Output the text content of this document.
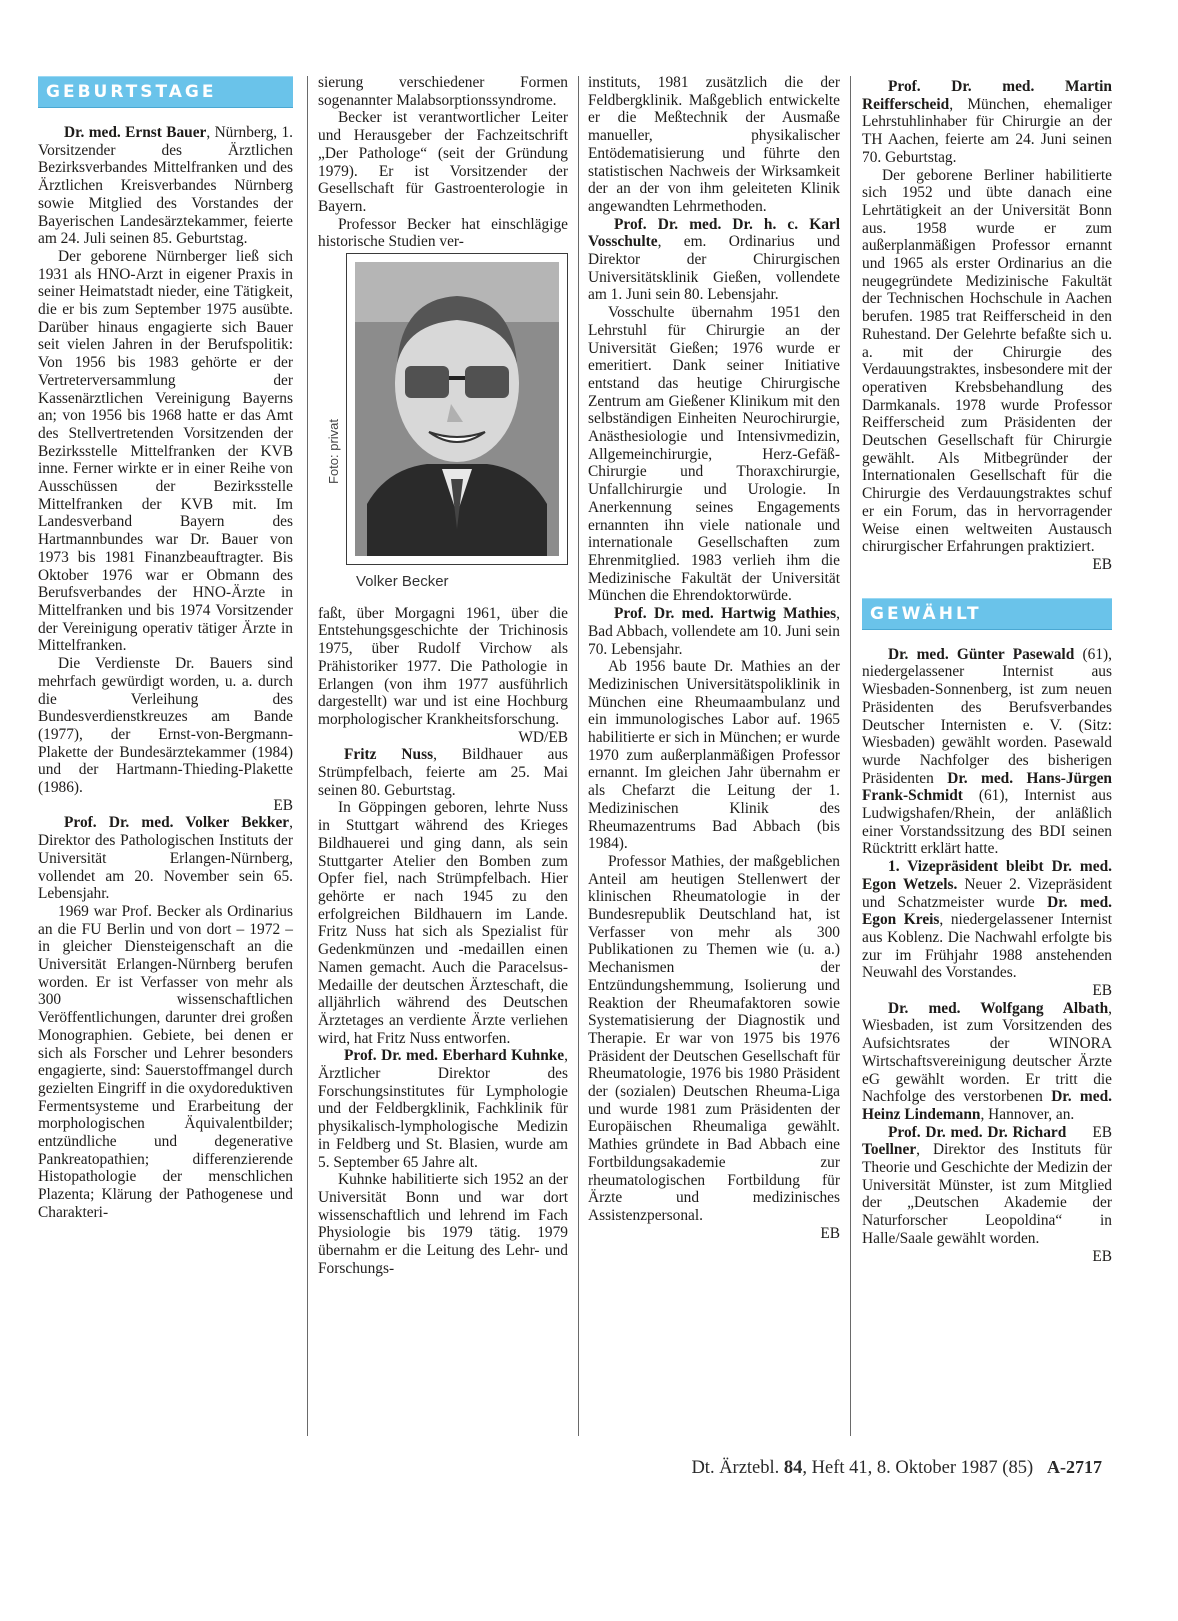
GEBURTSTAGE

Dr. med. Ernst Bauer, Nürnberg, 1. Vorsitzender des Ärztlichen Bezirksverbandes Mittelfranken und des Ärztlichen Kreisverbandes Nürnberg sowie Mitglied des Vorstandes der Bayerischen Landesärztekammer, feierte am 24. Juli seinen 85. Geburtstag.

Der geborene Nürnberger ließ sich 1931 als HNO-Arzt in eigener Praxis in seiner Heimatstadt nieder, eine Tätigkeit, die er bis zum September 1975 ausübte. Darüber hinaus engagierte sich Bauer seit vielen Jahren in der Berufspolitik: Von 1956 bis 1983 gehörte er der Vertreterversammlung der Kassenärztlichen Vereinigung Bayerns an; von 1956 bis 1968 hatte er das Amt des Stellvertretenden Vorsitzenden der Bezirksstelle Mittelfranken der KVB inne. Ferner wirkte er in einer Reihe von Ausschüssen der Bezirksstelle Mittelfranken der KVB mit. Im Landesverband Bayern des Hartmannbundes war Dr. Bauer von 1973 bis 1981 Finanzbeauftragter. Bis Oktober 1976 war er Obmann des Berufsverbandes der HNO-Ärzte in Mittelfranken und bis 1974 Vorsitzender der Vereinigung operativ tätiger Ärzte in Mittelfranken.

Die Verdienste Dr. Bauers sind mehrfach gewürdigt worden, u. a. durch die Verleihung des Bundesverdienstkreuzes am Bande (1977), der Ernst-von-Bergmann-Plakette der Bundesärztekammer (1984) und der Hartmann-Thieding-Plakette (1986).
EB

Prof. Dr. med. Volker Bekker, Direktor des Pathologischen Instituts der Universität Erlangen-Nürnberg, vollendet am 20. November sein 65. Lebensjahr.

1969 war Prof. Becker als Ordinarius an die FU Berlin und von dort – 1972 – in gleicher Diensteigenschaft an die Universität Erlangen-Nürnberg berufen worden. Er ist Verfasser von mehr als 300 wissenschaftlichen Veröffentlichungen, darunter drei großen Monographien. Gebiete, bei denen er sich als Forscher und Lehrer besonders engagierte, sind: Sauerstoffmangel durch gezielten Eingriff in die oxydoreduktiven Fermentsysteme und Erarbeitung der morphologischen Äquivalentbilder; entzündliche und degenerative Pankreatopathien; differenzierende Histopathologie der menschlichen Plazenta; Klärung der Pathogenese und Charakteri-

sierung verschiedener Formen sogenannter Malabsorptionssyndrome.

Becker ist verantwortlicher Leiter und Herausgeber der Fachzeitschrift „Der Pathologe“ (seit der Gründung 1979). Er ist Vorsitzender der Gesellschaft für Gastroenterologie in Bayern.

Professor Becker hat einschlägige historische Studien ver-

Foto: privat
Volker Becker

faßt, über Morgagni 1961, über die Entstehungsgeschichte der Trichinosis 1975, über Rudolf Virchow als Prähistoriker 1977. Die Pathologie in Erlangen (von ihm 1977 ausführlich dargestellt) war und ist eine Hochburg morphologischer Krankheitsforschung.
WD/EB

Fritz Nuss, Bildhauer aus Strümpfelbach, feierte am 25. Mai seinen 80. Geburtstag.

In Göppingen geboren, lehrte Nuss in Stuttgart während des Krieges Bildhauerei und ging dann, als sein Stuttgarter Atelier den Bomben zum Opfer fiel, nach Strümpfelbach. Hier gehörte er nach 1945 zu den erfolgreichen Bildhauern im Lande. Fritz Nuss hat sich als Spezialist für Gedenkmünzen und -medaillen einen Namen gemacht. Auch die Paracelsus-Medaille der deutschen Ärzteschaft, die alljährlich während des Deutschen Ärztetages an verdiente Ärzte verliehen wird, hat Fritz Nuss entworfen.

Prof. Dr. med. Eberhard Kuhnke, Ärztlicher Direktor des Forschungsinstitutes für Lymphologie und der Feldbergklinik, Fachklinik für physikalisch-lymphologische Medizin in Feldberg und St. Blasien, wurde am 5. September 65 Jahre alt.

Kuhnke habilitierte sich 1952 an der Universität Bonn und war dort wissenschaftlich und lehrend im Fach Physiologie bis 1979 tätig. 1979 übernahm er die Leitung des Lehr- und Forschungs-

instituts, 1981 zusätzlich die der Feldbergklinik. Maßgeblich entwickelte er die Meßtechnik der Ausmaße manueller, physikalischer Entödematisierung und führte den statistischen Nachweis der Wirksamkeit der an der von ihm geleiteten Klinik angewandten Lehrmethoden.

Prof. Dr. med. Dr. h. c. Karl Vosschulte, em. Ordinarius und Direktor der Chirurgischen Universitätsklinik Gießen, vollendete am 1. Juni sein 80. Lebensjahr.

Vosschulte übernahm 1951 den Lehrstuhl für Chirurgie an der Universität Gießen; 1976 wurde er emeritiert. Dank seiner Initiative entstand das heutige Chirurgische Zentrum am Gießener Klinikum mit den selbständigen Einheiten Neurochirurgie, Anästhesiologie und Intensivmedizin, Allgemeinchirurgie, Herz-Gefäß-Chirurgie und Thoraxchirurgie, Unfallchirurgie und Urologie. In Anerkennung seines Engagements ernannten ihn viele nationale und internationale Gesellschaften zum Ehrenmitglied. 1983 verlieh ihm die Medizinische Fakultät der Universität München die Ehrendoktorwürde.

Prof. Dr. med. Hartwig Mathies, Bad Abbach, vollendete am 10. Juni sein 70. Lebensjahr.

Ab 1956 baute Dr. Mathies an der Medizinischen Universitätspoliklinik in München eine Rheumaambulanz und ein immunologisches Labor auf. 1965 habilitierte er sich in München; er wurde 1970 zum außerplanmäßigen Professor ernannt. Im gleichen Jahr übernahm er als Chefarzt die Leitung der 1. Medizinischen Klinik des Rheumazentrums Bad Abbach (bis 1984).

Professor Mathies, der maßgeblichen Anteil am heutigen Stellenwert der klinischen Rheumatologie in der Bundesrepublik Deutschland hat, ist Verfasser von mehr als 300 Publikationen zu Themen wie (u. a.) Mechanismen der Entzündungshemmung, Isolierung und Reaktion der Rheumafaktoren sowie Systematisierung der Diagnostik und Therapie. Er war von 1975 bis 1976 Präsident der Deutschen Gesellschaft für Rheumatologie, 1976 bis 1980 Präsident der (sozialen) Deutschen Rheuma-Liga und wurde 1981 zum Präsidenten der Europäischen Rheumaliga gewählt. Mathies gründete in Bad Abbach eine Fortbildungsakademie zur rheumatologischen Fortbildung für Ärzte und medizinisches Assistenzpersonal.
EB

Prof. Dr. med. Martin Reifferscheid, München, ehemaliger Lehrstuhlinhaber für Chirurgie an der TH Aachen, feierte am 24. Juni seinen 70. Geburtstag.

Der geborene Berliner habilitierte sich 1952 und übte danach eine Lehrtätigkeit an der Universität Bonn aus. 1958 wurde er zum außerplanmäßigen Professor ernannt und 1965 als erster Ordinarius an die neugegründete Medizinische Fakultät der Technischen Hochschule in Aachen berufen. 1985 trat Reifferscheid in den Ruhestand. Der Gelehrte befaßte sich u. a. mit der Chirurgie des Verdauungstraktes, insbesondere mit der operativen Krebsbehandlung des Darmkanals. 1978 wurde Professor Reifferscheid zum Präsidenten der Deutschen Gesellschaft für Chirurgie gewählt. Als Mitbegründer der Internationalen Gesellschaft für die Chirurgie des Verdauungstraktes schuf er ein Forum, das in hervorragender Weise einen weltweiten Austausch chirurgischer Erfahrungen praktiziert.
EB

GEWÄHLT

Dr. med. Günter Pasewald (61), niedergelassener Internist aus Wiesbaden-Sonnenberg, ist zum neuen Präsidenten des Berufsverbandes Deutscher Internisten e. V. (Sitz: Wiesbaden) gewählt worden. Pasewald wurde Nachfolger des bisherigen Präsidenten Dr. med. Hans-Jürgen Frank-Schmidt (61), Internist aus Ludwigshafen/Rhein, der anläßlich einer Vorstandssitzung des BDI seinen Rücktritt erklärt hatte.

1. Vizepräsident bleibt Dr. med. Egon Wetzels. Neuer 2. Vizepräsident und Schatzmeister wurde Dr. med. Egon Kreis, niedergelassener Internist aus Koblenz. Die Nachwahl erfolgte bis zur im Frühjahr 1988 anstehenden Neuwahl des Vorstandes.
EB

Dr. med. Wolfgang Albath, Wiesbaden, ist zum Vorsitzenden des Aufsichtsrates der WINORA Wirtschaftsvereinigung deutscher Ärzte eG gewählt worden. Er tritt die Nachfolge des verstorbenen Dr. med. Heinz Lindemann, Hannover, an.
EB

Prof. Dr. med. Dr. Richard Toellner, Direktor des Instituts für Theorie und Geschichte der Medizin der Universität Münster, ist zum Mitglied der „Deutschen Akademie der Naturforscher Leopoldina“ in Halle/Saale gewählt worden.
EB

Dt. Ärztebl. 84, Heft 41, 8. Oktober 1987 (85) A-2717
